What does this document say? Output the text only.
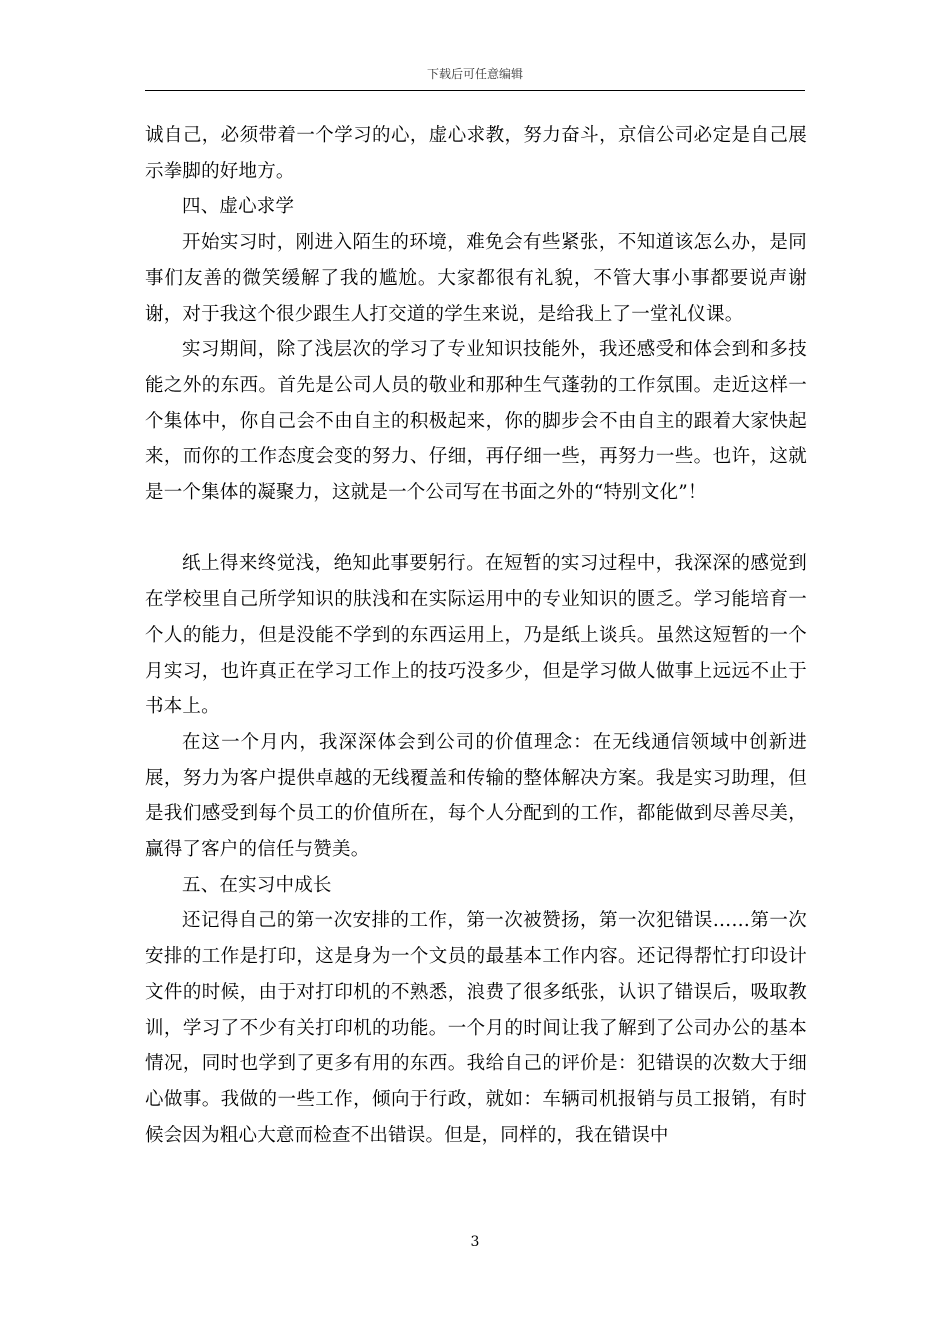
下载后可任意编辑

诚自己，必须带着一个学习的心，虚心求教，努力奋斗，京信公司必定是自己展示拳脚的好地方。

四、虚心求学

开始实习时，刚进入陌生的环境，难免会有些紧张，不知道该怎么办，是同事们友善的微笑缓解了我的尴尬。大家都很有礼貌，不管大事小事都要说声谢谢，对于我这个很少跟生人打交道的学生来说，是给我上了一堂礼仪课。

实习期间，除了浅层次的学习了专业知识技能外，我还感受和体会到和多技能之外的东西。首先是公司人员的敬业和那种生气蓬勃的工作氛围。走近这样一个集体中，你自己会不由自主的积极起来，你的脚步会不由自主的跟着大家快起来，而你的工作态度会变的努力、仔细，再仔细一些，再努力一些。也许，这就是一个集体的凝聚力，这就是一个公司写在书面之外的“特别文化”！

纸上得来终觉浅，绝知此事要躬行。在短暂的实习过程中，我深深的感觉到在学校里自己所学知识的肤浅和在实际运用中的专业知识的匮乏。学习能培育一个人的能力，但是没能不学到的东西运用上，乃是纸上谈兵。虽然这短暂的一个月实习，也许真正在学习工作上的技巧没多少，但是学习做人做事上远远不止于书本上。

在这一个月内，我深深体会到公司的价值理念：在无线通信领域中创新进展，努力为客户提供卓越的无线覆盖和传输的整体解决方案。我是实习助理，但是我们感受到每个员工的价值所在，每个人分配到的工作，都能做到尽善尽美，赢得了客户的信任与赞美。

五、在实习中成长

还记得自己的第一次安排的工作，第一次被赞扬，第一次犯错误……第一次安排的工作是打印，这是身为一个文员的最基本工作内容。还记得帮忙打印设计文件的时候，由于对打印机的不熟悉，浪费了很多纸张，认识了错误后，吸取教训，学习了不少有关打印机的功能。一个月的时间让我了解到了公司办公的基本情况，同时也学到了更多有用的东西。我给自己的评价是：犯错误的次数大于细心做事。我做的一些工作，倾向于行政，就如：车辆司机报销与员工报销，有时候会因为粗心大意而检查不出错误。但是，同样的，我在错误中

3
